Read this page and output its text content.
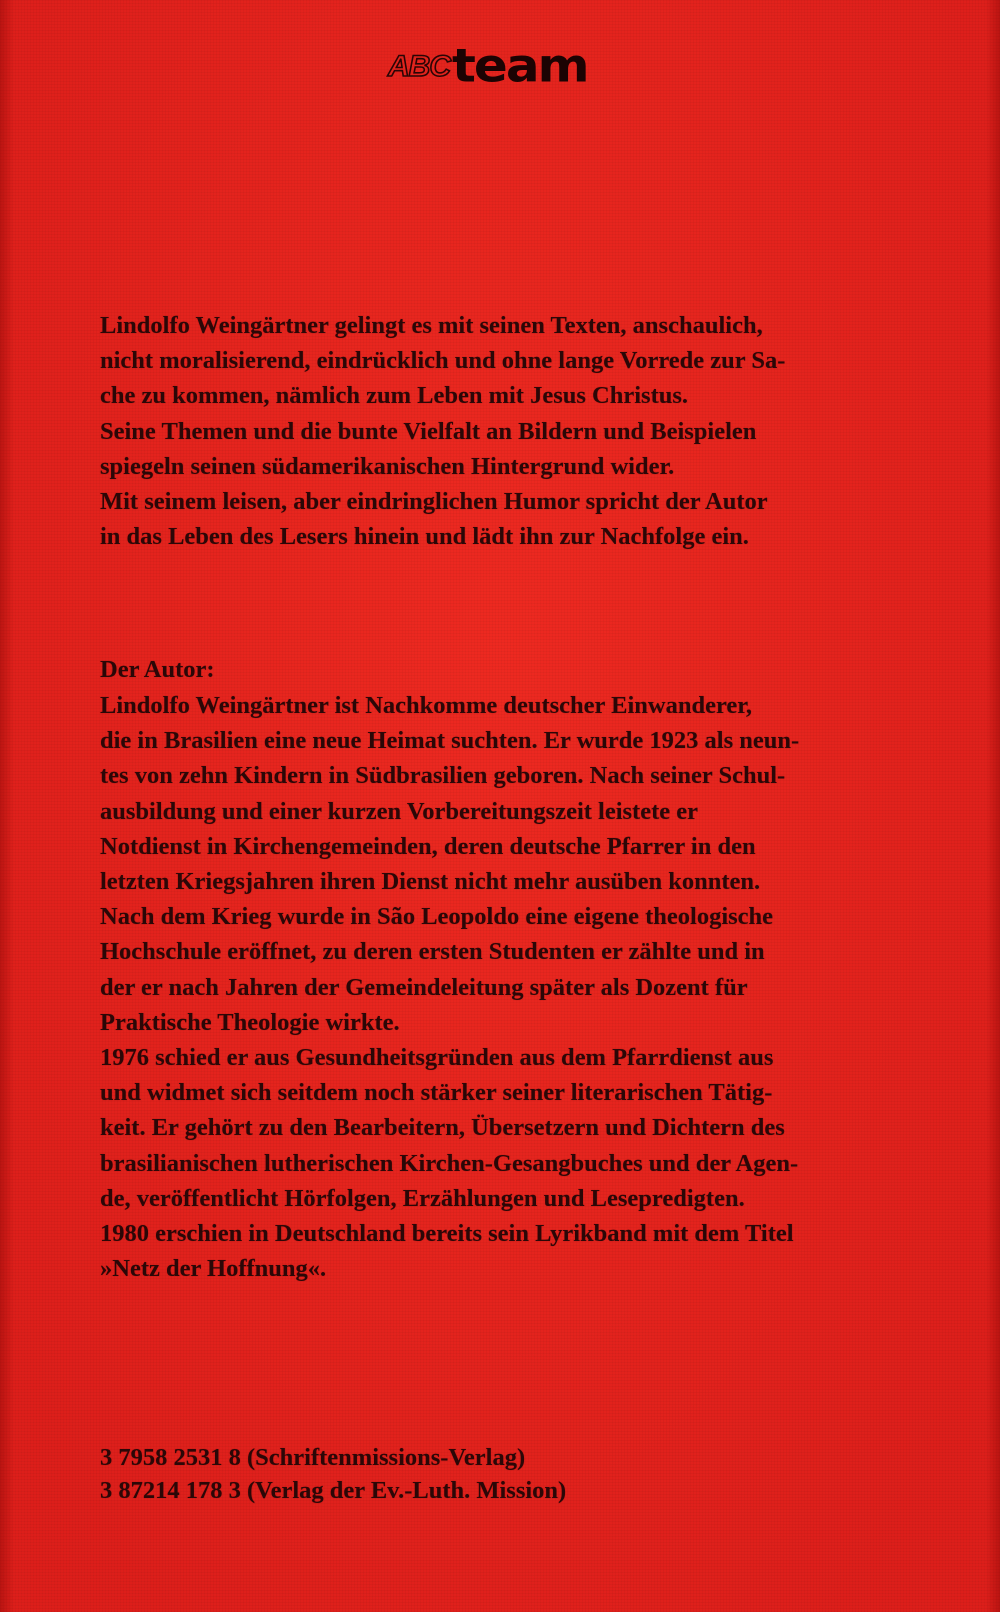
ABC team

Lindolfo Weingärtner gelingt es mit seinen Texten, anschaulich,

nicht moralisierend, eindrücklich und ohne lange Vorrede zur Sa-

che zu kommen, nämlich zum Leben mit Jesus Christus.

Seine Themen und die bunte Vielfalt an Bildern und Beispielen

spiegeln seinen südamerikanischen Hintergrund wider.

Mit seinem leisen, aber eindringlichen Humor spricht der Autor

in das Leben des Lesers hinein und lädt ihn zur Nachfolge ein.

Der Autor:

Lindolfo Weingärtner ist Nachkomme deutscher Einwanderer,

die in Brasilien eine neue Heimat suchten. Er wurde 1923 als neun-

tes von zehn Kindern in Südbrasilien geboren. Nach seiner Schul-

ausbildung und einer kurzen Vorbereitungszeit leistete er

Notdienst in Kirchengemeinden, deren deutsche Pfarrer in den

letzten Kriegsjahren ihren Dienst nicht mehr ausüben konnten.

Nach dem Krieg wurde in São Leopoldo eine eigene theologische

Hochschule eröffnet, zu deren ersten Studenten er zählte und in

der er nach Jahren der Gemeindeleitung später als Dozent für

Praktische Theologie wirkte.

1976 schied er aus Gesundheitsgründen aus dem Pfarrdienst aus

und widmet sich seitdem noch stärker seiner literarischen Tätig-

keit. Er gehört zu den Bearbeitern, Übersetzern und Dichtern des

brasilianischen lutherischen Kirchen-Gesangbuches und der Agen-

de, veröffentlicht Hörfolgen, Erzählungen und Lesepredigten.

1980 erschien in Deutschland bereits sein Lyrikband mit dem Titel

»Netz der Hoffnung«.

3 7958 2531 8 (Schriftenmissions-Verlag)

3 87214 178 3 (Verlag der Ev.-Luth. Mission)
